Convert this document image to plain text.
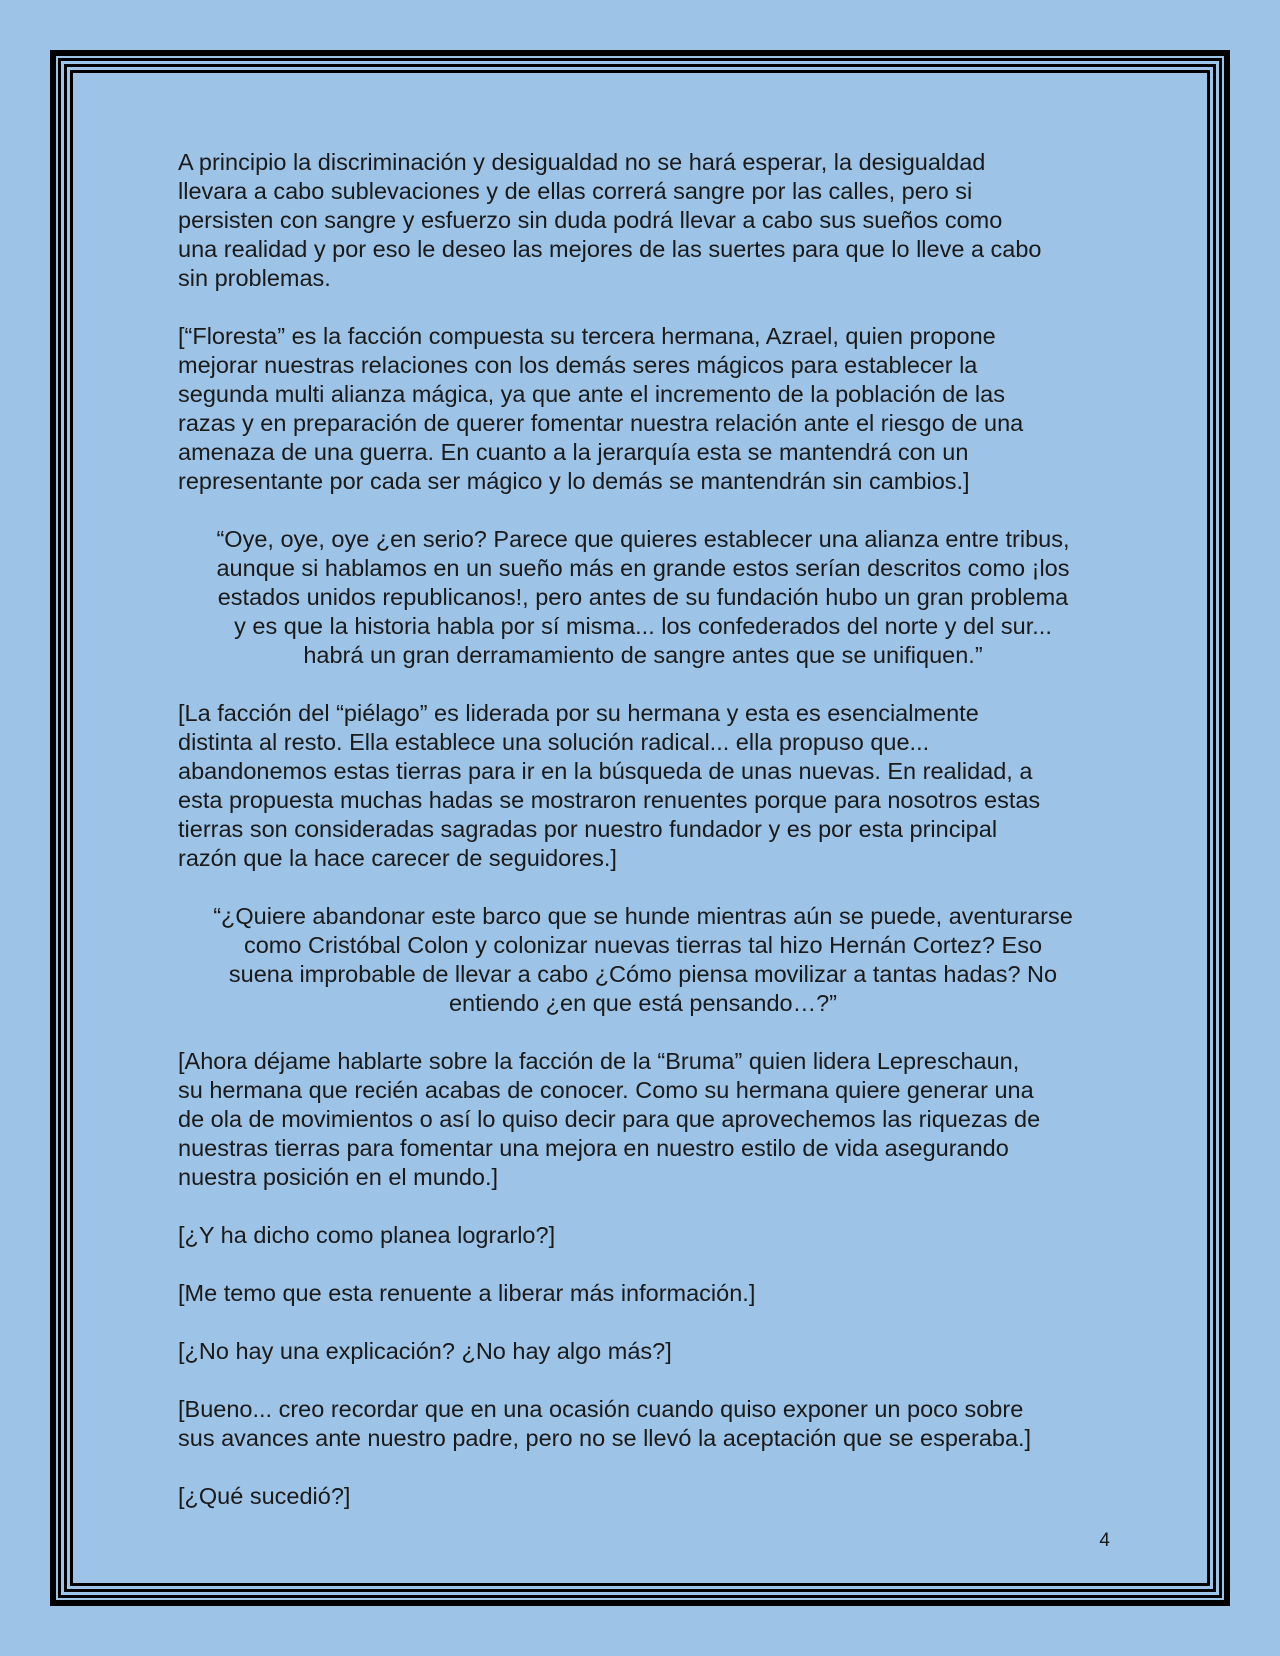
A principio la discriminación y desigualdad no se hará esperar, la desigualdad
llevara a cabo sublevaciones y de ellas correrá sangre por las calles, pero si
persisten con sangre y esfuerzo sin duda podrá llevar a cabo sus sueños como
una realidad y por eso le deseo las mejores de las suertes para que lo lleve a cabo
sin problemas.

[“Floresta” es la facción compuesta su tercera hermana, Azrael, quien propone
mejorar nuestras relaciones con los demás seres mágicos para establecer la
segunda multi alianza mágica, ya que ante el incremento de la población de las
razas y en preparación de querer fomentar nuestra relación ante el riesgo de una
amenaza de una guerra. En cuanto a la jerarquía esta se mantendrá con un
representante por cada ser mágico y lo demás se mantendrán sin cambios.]

“Oye, oye, oye ¿en serio? Parece que quieres establecer una alianza entre tribus,
aunque si hablamos en un sueño más en grande estos serían descritos como ¡los
estados unidos republicanos!, pero antes de su fundación hubo un gran problema
y es que la historia habla por sí misma... los confederados del norte y del sur...
habrá un gran derramamiento de sangre antes que se unifiquen.”

[La facción del “piélago” es liderada por su hermana y esta es esencialmente
distinta al resto. Ella establece una solución radical... ella propuso que...
abandonemos estas tierras para ir en la búsqueda de unas nuevas. En realidad, a
esta propuesta muchas hadas se mostraron renuentes porque para nosotros estas
tierras son consideradas sagradas por nuestro fundador y es por esta principal
razón que la hace carecer de seguidores.]

“¿Quiere abandonar este barco que se hunde mientras aún se puede, aventurarse
como Cristóbal Colon y colonizar nuevas tierras tal hizo Hernán Cortez? Eso
suena improbable de llevar a cabo ¿Cómo piensa movilizar a tantas hadas? No
entiendo ¿en que está pensando…?”

[Ahora déjame hablarte sobre la facción de la “Bruma” quien lidera Lepreschaun,
su hermana que recién acabas de conocer. Como su hermana quiere generar una
de ola de movimientos o así lo quiso decir para que aprovechemos las riquezas de
nuestras tierras para fomentar una mejora en nuestro estilo de vida asegurando
nuestra posición en el mundo.]

[¿Y ha dicho como planea lograrlo?]

[Me temo que esta renuente a liberar más información.]

[¿No hay una explicación? ¿No hay algo más?]

[Bueno... creo recordar que en una ocasión cuando quiso exponer un poco sobre
sus avances ante nuestro padre, pero no se llevó la aceptación que se esperaba.]

[¿Qué sucedió?]

4
